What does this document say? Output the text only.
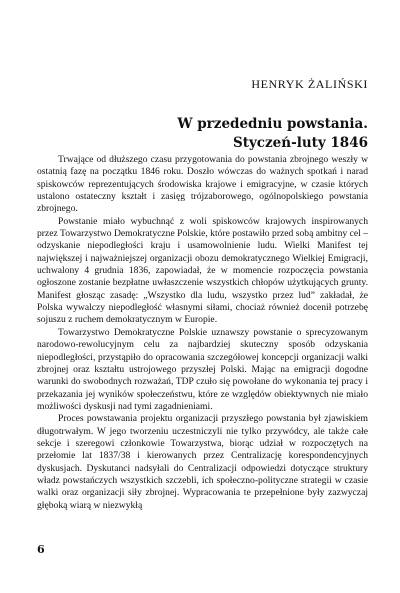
HENRYK ŻALIŃSKI
W przededniu powstania.
Styczeń-luty 1846

Trwające od dłuższego czasu przygotowania do powstania zbrojnego weszły w ostatnią fazę na początku 1846 roku. Doszło wówczas do ważnych spotkań i narad spiskowców reprezentujących środowiska krajowe i emigracyjne, w czasie których ustalono ostateczny kształt i zasięg trójzaborowego, ogólnopolskiego powstania zbrojnego.

Powstanie miało wybuchnąć z woli spiskowców krajowych inspirowanych przez Towarzystwo Demokratyczne Polskie, które postawiło przed sobą ambitny cel – odzyskanie niepodległości kraju i usamowolnienie ludu. Wielki Manifest tej największej i najważniejszej organizacji obozu demokratycznego Wielkiej Emigracji, uchwalony 4 grudnia 1836, zapowiadał, że w momencie rozpoczęcia powstania ogłoszone zostanie bezpłatne uwłaszczenie wszystkich chłopów użytkujących grunty. Manifest głosząc zasadę: „Wszystko dla ludu, wszystko przez lud” zakładał, że Polska wywalczy niepodległość własnymi siłami, chociaż również docenił potrzebę sojuszu z ruchem demokratycznym w Europie.

Towarzystwo Demokratyczne Polskie uznawszy powstanie o sprecyzowanym narodowo-rewolucyjnym celu za najbardziej skuteczny sposób odzyskania niepodległości, przystąpiło do opracowania szczegółowej koncepcji organizacji walki zbrojnej oraz kształtu ustrojowego przyszłej Polski. Mając na emigracji dogodne warunki do swobodnych rozważań, TDP czuło się powołane do wykonania tej pracy i przekazania jej wyników społeczeństwu, które ze względów obiektywnych nie miało możliwości dyskusji nad tymi zagadnieniami.

Proces powstawania projektu organizacji przyszłego powstania był zjawiskiem długotrwałym. W jego tworzeniu uczestniczyli nie tylko przywódcy, ale także całe sekcje i szeregowi członkowie Towarzystwa, biorąc udział w rozpoczętych na przełomie lat 1837/38 i kierowanych przez Centralizację korespondencyjnych dyskusjach. Dyskutanci nadsyłali do Centralizacji odpowiedzi dotyczące struktury władz powstańczych wszystkich szczebli, ich społeczno-polityczne strategii w czasie walki oraz organizacji siły zbrojnej. Wypracowania te przepełnione były zazwyczaj głęboką wiarą w niezwykłą

6
